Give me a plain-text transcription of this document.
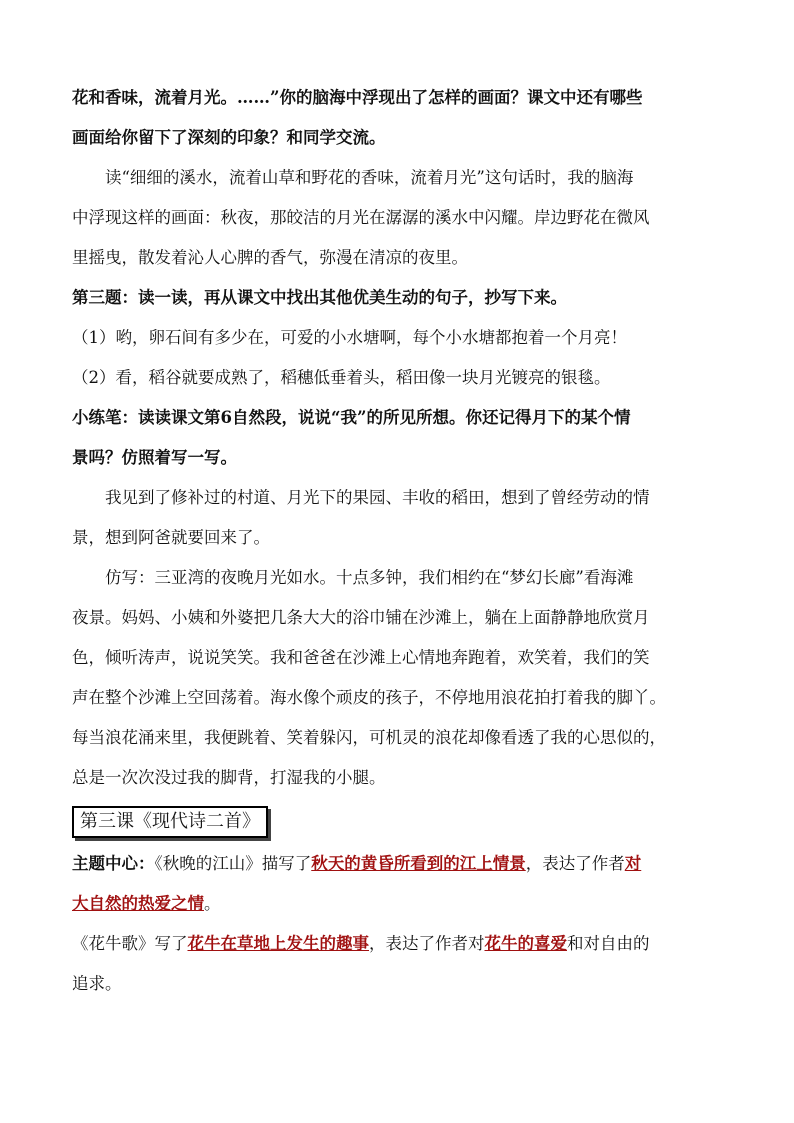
花和香味，流着月光。……”你的脑海中浮现出了怎样的画面？课文中还有哪些
画面给你留下了深刻的印象？和同学交流。
读“细细的溪水，流着山草和野花的香味，流着月光”这句话时，我的脑海
中浮现这样的画面：秋夜，那皎洁的月光在潺潺的溪水中闪耀。岸边野花在微风
里摇曳，散发着沁人心脾的香气，弥漫在清凉的夜里。
第三题：读一读，再从课文中找出其他优美生动的句子，抄写下来。
（1）哟，卵石间有多少在，可爱的小水塘啊，每个小水塘都抱着一个月亮！
（2）看，稻谷就要成熟了，稻穗低垂着头，稻田像一块月光镀亮的银毯。
小练笔：读读课文第6自然段，说说“我”的所见所想。你还记得月下的某个情
景吗？仿照着写一写。
我见到了修补过的村道、月光下的果园、丰收的稻田，想到了曾经劳动的情
景，想到阿爸就要回来了。
仿写：三亚湾的夜晚月光如水。十点多钟，我们相约在“梦幻长廊”看海滩
夜景。妈妈、小姨和外婆把几条大大的浴巾铺在沙滩上，躺在上面静静地欣赏月
色，倾听涛声，说说笑笑。我和爸爸在沙滩上心情地奔跑着，欢笑着，我们的笑
声在整个沙滩上空回荡着。海水像个顽皮的孩子，不停地用浪花拍打着我的脚丫。
每当浪花涌来里，我便跳着、笑着躲闪，可机灵的浪花却像看透了我的心思似的，
总是一次次没过我的脚背，打湿我的小腿。
第三课《现代诗二首》
主题中心：《秋晚的江山》描写了秋天的黄昏所看到的江上情景，表达了作者对
大自然的热爱之情。
《花牛歌》写了花牛在草地上发生的趣事，表达了作者对花牛的喜爱和对自由的
追求。
